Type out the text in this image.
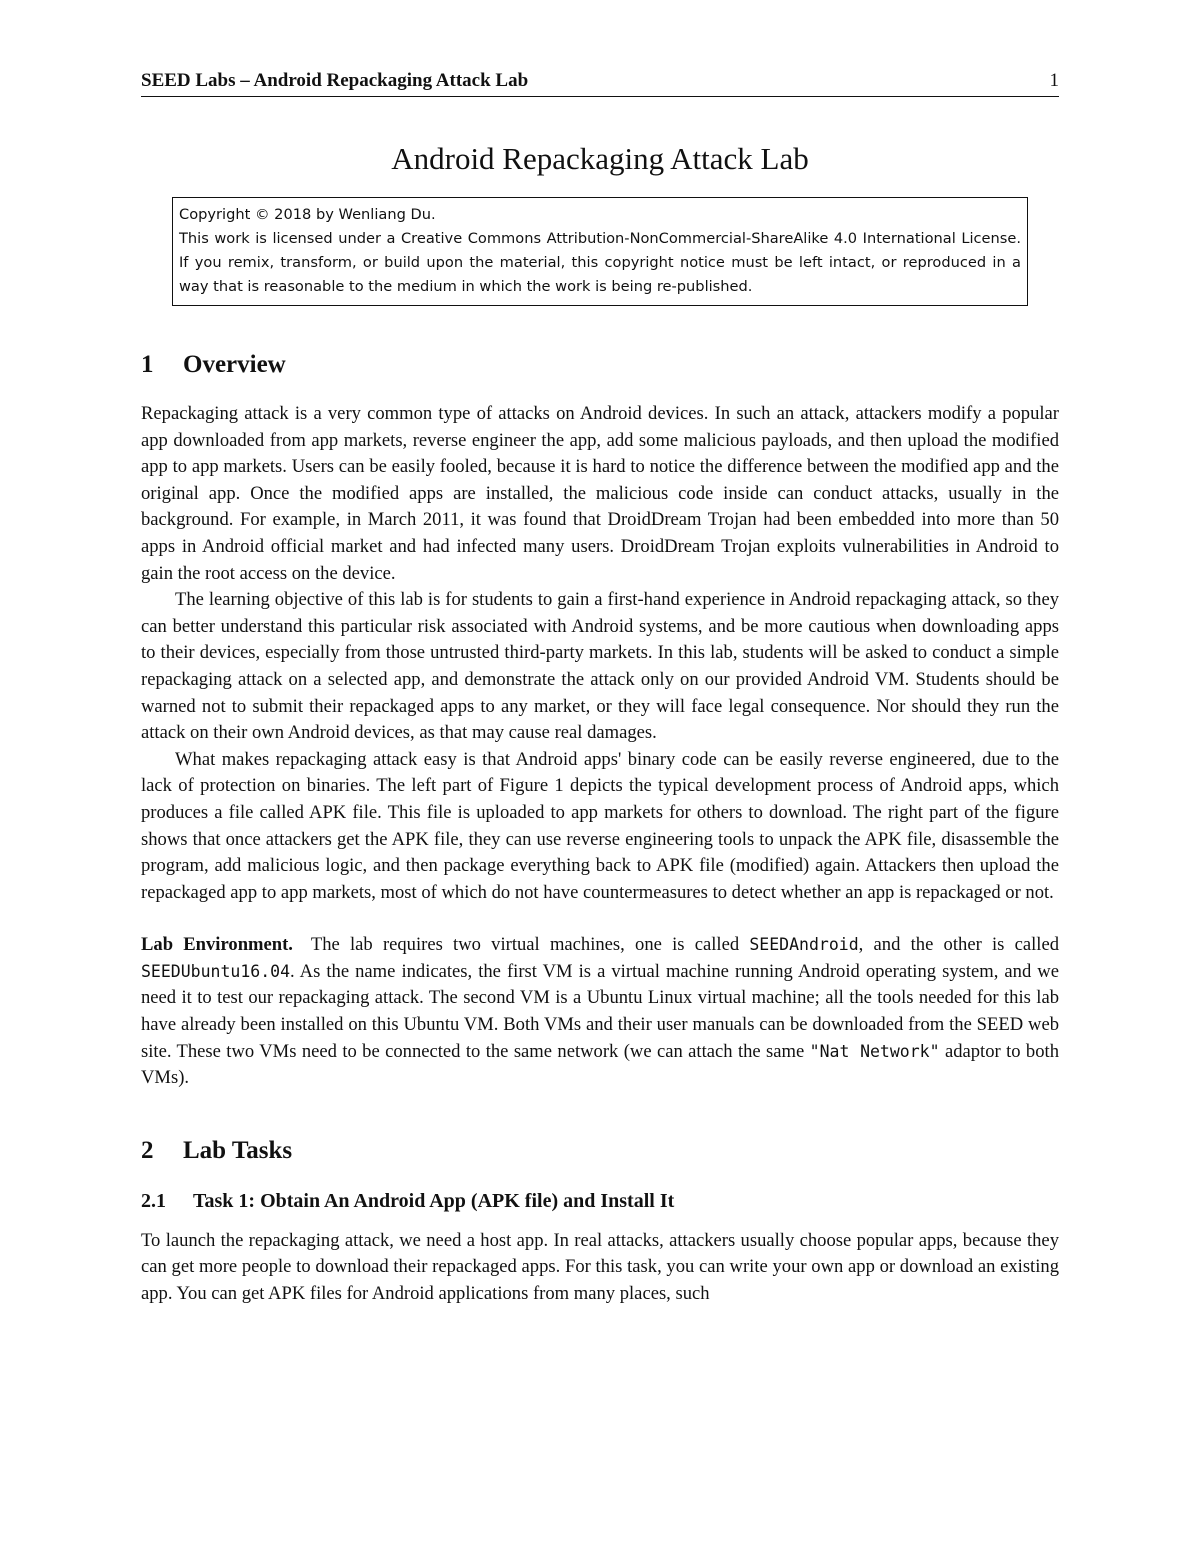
SEED Labs – Android Repackaging Attack Lab	1
Android Repackaging Attack Lab

Copyright © 2018 by Wenliang Du.

This work is licensed under a Creative Commons Attribution-NonCommercial-ShareAlike 4.0 International License. If you remix, transform, or build upon the material, this copyright notice must be left intact, or reproduced in a way that is reasonable to the medium in which the work is being re-published.

1 Overview

Repackaging attack is a very common type of attacks on Android devices. In such an attack, attackers modify a popular app downloaded from app markets, reverse engineer the app, add some malicious payloads, and then upload the modified app to app markets. Users can be easily fooled, because it is hard to notice the difference between the modified app and the original app. Once the modified apps are installed, the malicious code inside can conduct attacks, usually in the background. For example, in March 2011, it was found that DroidDream Trojan had been embedded into more than 50 apps in Android official market and had infected many users. DroidDream Trojan exploits vulnerabilities in Android to gain the root access on the device.

The learning objective of this lab is for students to gain a first-hand experience in Android repackaging attack, so they can better understand this particular risk associated with Android systems, and be more cautious when downloading apps to their devices, especially from those untrusted third-party markets. In this lab, students will be asked to conduct a simple repackaging attack on a selected app, and demonstrate the attack only on our provided Android VM. Students should be warned not to submit their repackaged apps to any market, or they will face legal consequence. Nor should they run the attack on their own Android devices, as that may cause real damages.

What makes repackaging attack easy is that Android apps' binary code can be easily reverse engineered, due to the lack of protection on binaries. The left part of Figure 1 depicts the typical development process of Android apps, which produces a file called APK file. This file is uploaded to app markets for others to download. The right part of the figure shows that once attackers get the APK file, they can use reverse engineering tools to unpack the APK file, disassemble the program, add malicious logic, and then package everything back to APK file (modified) again. Attackers then upload the repackaged app to app markets, most of which do not have countermeasures to detect whether an app is repackaged or not.

Lab Environment. The lab requires two virtual machines, one is called SEEDAndroid, and the other is called SEEDUbuntu16.04. As the name indicates, the first VM is a virtual machine running Android operating system, and we need it to test our repackaging attack. The second VM is a Ubuntu Linux virtual machine; all the tools needed for this lab have already been installed on this Ubuntu VM. Both VMs and their user manuals can be downloaded from the SEED web site. These two VMs need to be connected to the same network (we can attach the same "Nat Network" adaptor to both VMs).

2 Lab Tasks
2.1 Task 1: Obtain An Android App (APK file) and Install It

To launch the repackaging attack, we need a host app. In real attacks, attackers usually choose popular apps, because they can get more people to download their repackaged apps. For this task, you can write your own app or download an existing app. You can get APK files for Android applications from many places, such
